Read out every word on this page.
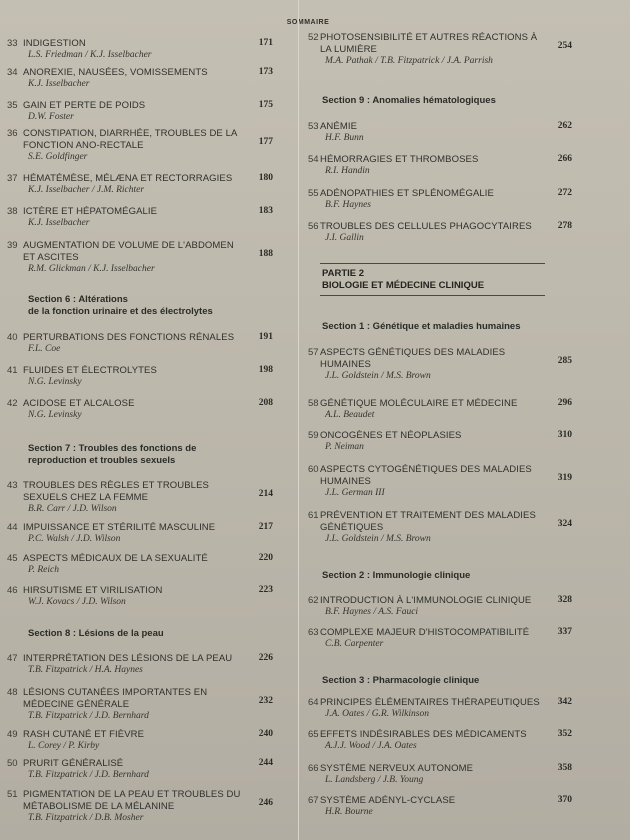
SOMMAIRE
33 INDIGESTION
L.S. Friedman / K.J. Isselbacher
171
34 ANOREXIE, NAUSÉES, VOMISSEMENTS
K.J. Isselbacher
173
35 GAIN ET PERTE DE POIDS
D.W. Foster
175
36 CONSTIPATION, DIARRHÉE, TROUBLES DE LA
FONCTION ANO-RECTALE
S.E. Goldfinger
177
37 HÉMATÉMÈSE, MÉLÆNA ET RECTORRAGIES
K.J. Isselbacher / J.M. Richter
180
38 ICTÈRE ET HÉPATOMÉGALIE
K.J. Isselbacher
183
39 AUGMENTATION DE VOLUME DE L'ABDOMEN
ET ASCITES
R.M. Glickman / K.J. Isselbacher
188
Section 6 : Altérations
de la fonction urinaire et des électrolytes
40 PERTURBATIONS DES FONCTIONS RÉNALES
F.L. Coe
191
41 FLUIDES ET ÉLECTROLYTES
N.G. Levinsky
198
42 ACIDOSE ET ALCALOSE
N.G. Levinsky
208
Section 7 : Troubles des fonctions de
reproduction et troubles sexuels
43 TROUBLES DES RÈGLES ET TROUBLES
SEXUELS CHEZ LA FEMME
B.R. Carr / J.D. Wilson
214
44 IMPUISSANCE ET STÉRILITÉ MASCULINE
P.C. Walsh / J.D. Wilson
217
45 ASPECTS MÉDICAUX DE LA SEXUALITÉ
P. Reich
220
46 HIRSUTISME ET VIRILISATION
W.J. Kovacs / J.D. Wilson
223
Section 8 : Lésions de la peau
47 INTERPRÉTATION DES LÉSIONS DE LA PEAU
T.B. Fitzpatrick / H.A. Haynes
226
48 LÉSIONS CUTANÉES IMPORTANTES EN
MÉDECINE GÉNÉRALE
T.B. Fitzpatrick / J.D. Bernhard
232
49 RASH CUTANÉ ET FIÈVRE
L. Corey / P. Kirby
240
50 PRURIT GÉNÉRALISÉ
T.B. Fitzpatrick / J.D. Bernhard
244
51 PIGMENTATION DE LA PEAU ET TROUBLES DU
MÉTABOLISME DE LA MÉLANINE
T.B. Fitzpatrick / D.B. Mosher
246
52 PHOTOSENSIBILITÉ ET AUTRES RÉACTIONS À
LA LUMIÈRE
M.A. Pathak / T.B. Fitzpatrick / J.A. Parrish
254
Section 9 : Anomalies hématologiques
53 ANÉMIE
H.F. Bunn
262
54 HÉMORRAGIES ET THROMBOSES
R.I. Handin
266
55 ADÉNOPATHIES ET SPLÉNOMÉGALIE
B.F. Haynes
272
56 TROUBLES DES CELLULES PHAGOCYTAIRES
J.I. Gallin
278
PARTIE 2
BIOLOGIE ET MÉDECINE CLINIQUE
Section 1 : Génétique et maladies humaines
57 ASPECTS GÉNÉTIQUES DES MALADIES
HUMAINES
J.L. Goldstein / M.S. Brown
285
58 GÉNÉTIQUE MOLÉCULAIRE ET MÉDECINE
A.L. Beaudet
296
59 ONCOGÈNES ET NÉOPLASIES
P. Neiman
310
60 ASPECTS CYTOGÉNÉTIQUES DES MALADIES
HUMAINES
J.L. German III
319
61 PRÉVENTION ET TRAITEMENT DES MALADIES
GÉNÉTIQUES
J.L. Goldstein / M.S. Brown
324
Section 2 : Immunologie clinique
62 INTRODUCTION À L'IMMUNOLOGIE CLINIQUE
B.F. Haynes / A.S. Fauci
328
63 COMPLEXE MAJEUR D'HISTOCOMPATIBILITÉ
C.B. Carpenter
337
Section 3 : Pharmacologie clinique
64 PRINCIPES ÉLÉMENTAIRES THÉRAPEUTIQUES
J.A. Oates / G.R. Wilkinson
342
65 EFFETS INDÉSIRABLES DES MÉDICAMENTS
A.J.J. Wood / J.A. Oates
352
66 SYSTÈME NERVEUX AUTONOME
L. Landsberg / J.B. Young
358
67 SYSTÈME ADÉNYL-CYCLASE
H.R. Bourne
370
